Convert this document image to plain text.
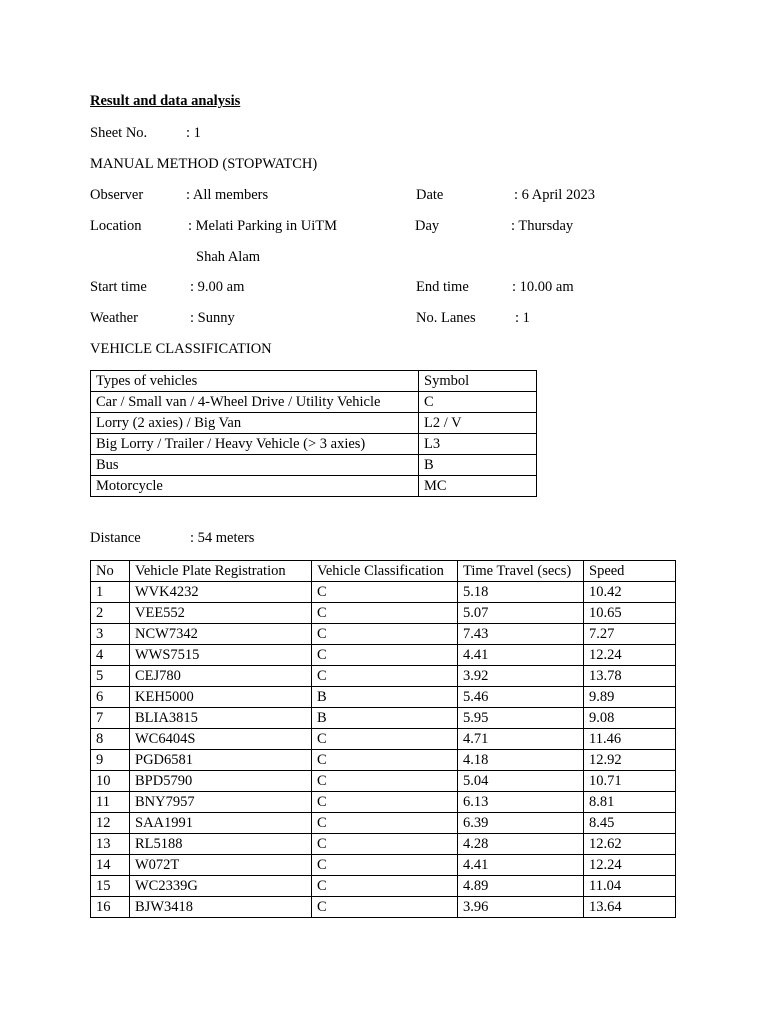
Result and data analysis
Sheet No.	: 1
MANUAL METHOD (STOPWATCH)
Observer	: All members	Date	: 6 April 2023
Location	: Melati Parking in UiTM	Day	: Thursday
Shah Alam
Start time	: 9.00 am	End time	: 10.00 am
Weather	: Sunny	No. Lanes	: 1
VEHICLE CLASSIFICATION
Types of vehicles	Symbol
Car / Small van / 4-Wheel Drive / Utility Vehicle	C
Lorry (2 axies) / Big Van	L2 / V
Big Lorry / Trailer / Heavy Vehicle (> 3 axies)	L3
Bus	B
Motorcycle	MC
Distance	: 54 meters
No	Vehicle Plate Registration	Vehicle Classification	Time Travel (secs)	Speed
1	WVK4232	C	5.18	10.42
2	VEE552	C	5.07	10.65
3	NCW7342	C	7.43	7.27
4	WWS7515	C	4.41	12.24
5	CEJ780	C	3.92	13.78
6	KEH5000	B	5.46	9.89
7	BLIA3815	B	5.95	9.08
8	WC6404S	C	4.71	11.46
9	PGD6581	C	4.18	12.92
10	BPD5790	C	5.04	10.71
11	BNY7957	C	6.13	8.81
12	SAA1991	C	6.39	8.45
13	RL5188	C	4.28	12.62
14	W072T	C	4.41	12.24
15	WC2339G	C	4.89	11.04
16	BJW3418	C	3.96	13.64
